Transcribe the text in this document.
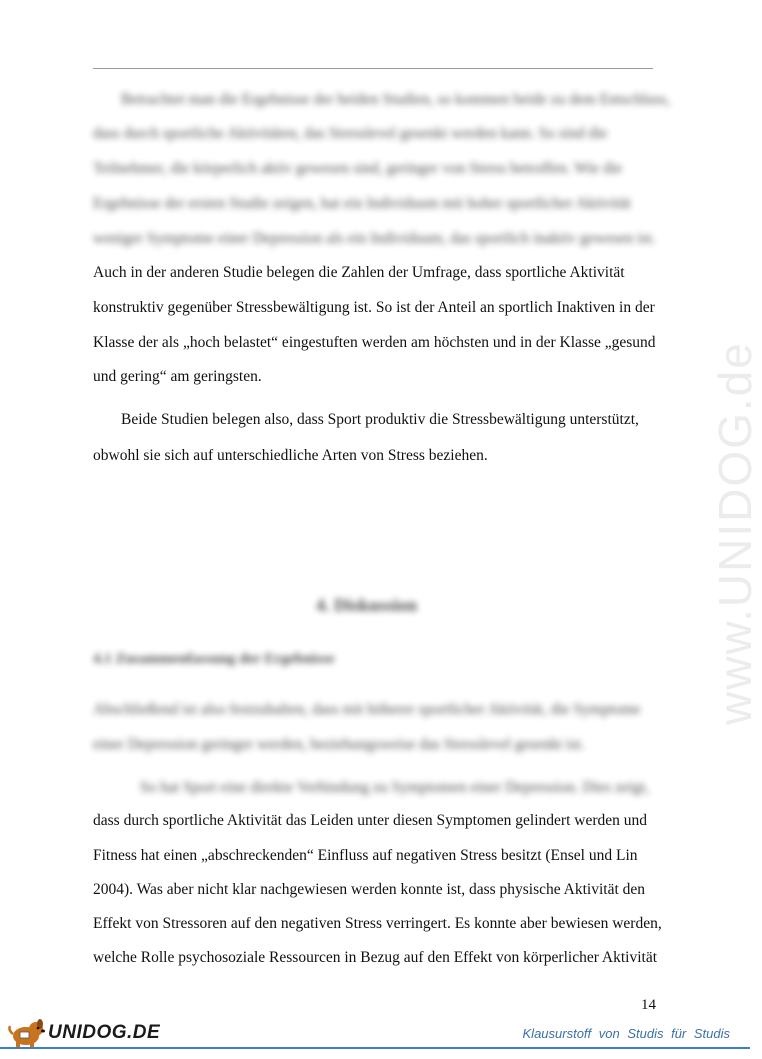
Betrachtet man die Ergebnisse der beiden Studien, so kommen beide zu dem Entschluss,
dass durch sportliche Aktivitäten, das Stresslevel gesenkt werden kann. So sind die
Teilnehmer, die körperlich aktiv gewesen sind, geringer von Stress betroffen. Wie die
Ergebnisse der ersten Studie zeigen, hat ein Individuum mit hoher sportlicher Aktivität
weniger Symptome einer Depression als ein Individuum, das sportlich inaktiv gewesen ist.
Auch in der anderen Studie belegen die Zahlen der Umfrage, dass sportliche Aktivität
konstruktiv gegenüber Stressbewältigung ist. So ist der Anteil an sportlich Inaktiven in der
Klasse der als „hoch belastet“ eingestuften werden am höchsten und in der Klasse „gesund
und gering“ am geringsten.
Beide Studien belegen also, dass Sport produktiv die Stressbewältigung unterstützt,
obwohl sie sich auf unterschiedliche Arten von Stress beziehen.
4. Diskussion
4.1 Zusammenfassung der Ergebnisse
Abschließend ist also festzuhalten, dass mit höherer sportlicher Aktivität, die Symptome
einer Depression geringer werden, beziehungsweise das Stresslevel gesenkt ist.
So hat Sport eine direkte Verbindung zu Symptomen einer Depression. Dies zeigt,
dass durch sportliche Aktivität das Leiden unter diesen Symptomen gelindert werden und
Fitness hat einen „abschreckenden“ Einfluss auf negativen Stress besitzt (Ensel und Lin
2004). Was aber nicht klar nachgewiesen werden konnte ist, dass physische Aktivität den
Effekt von Stressoren auf den negativen Stress verringert. Es konnte aber bewiesen werden,
welche Rolle psychosoziale Ressourcen in Bezug auf den Effekt von körperlicher Aktivität
www.UNIDOG.de
14
UNIDOG.DE	Klausurstoff von Studis für Studis
